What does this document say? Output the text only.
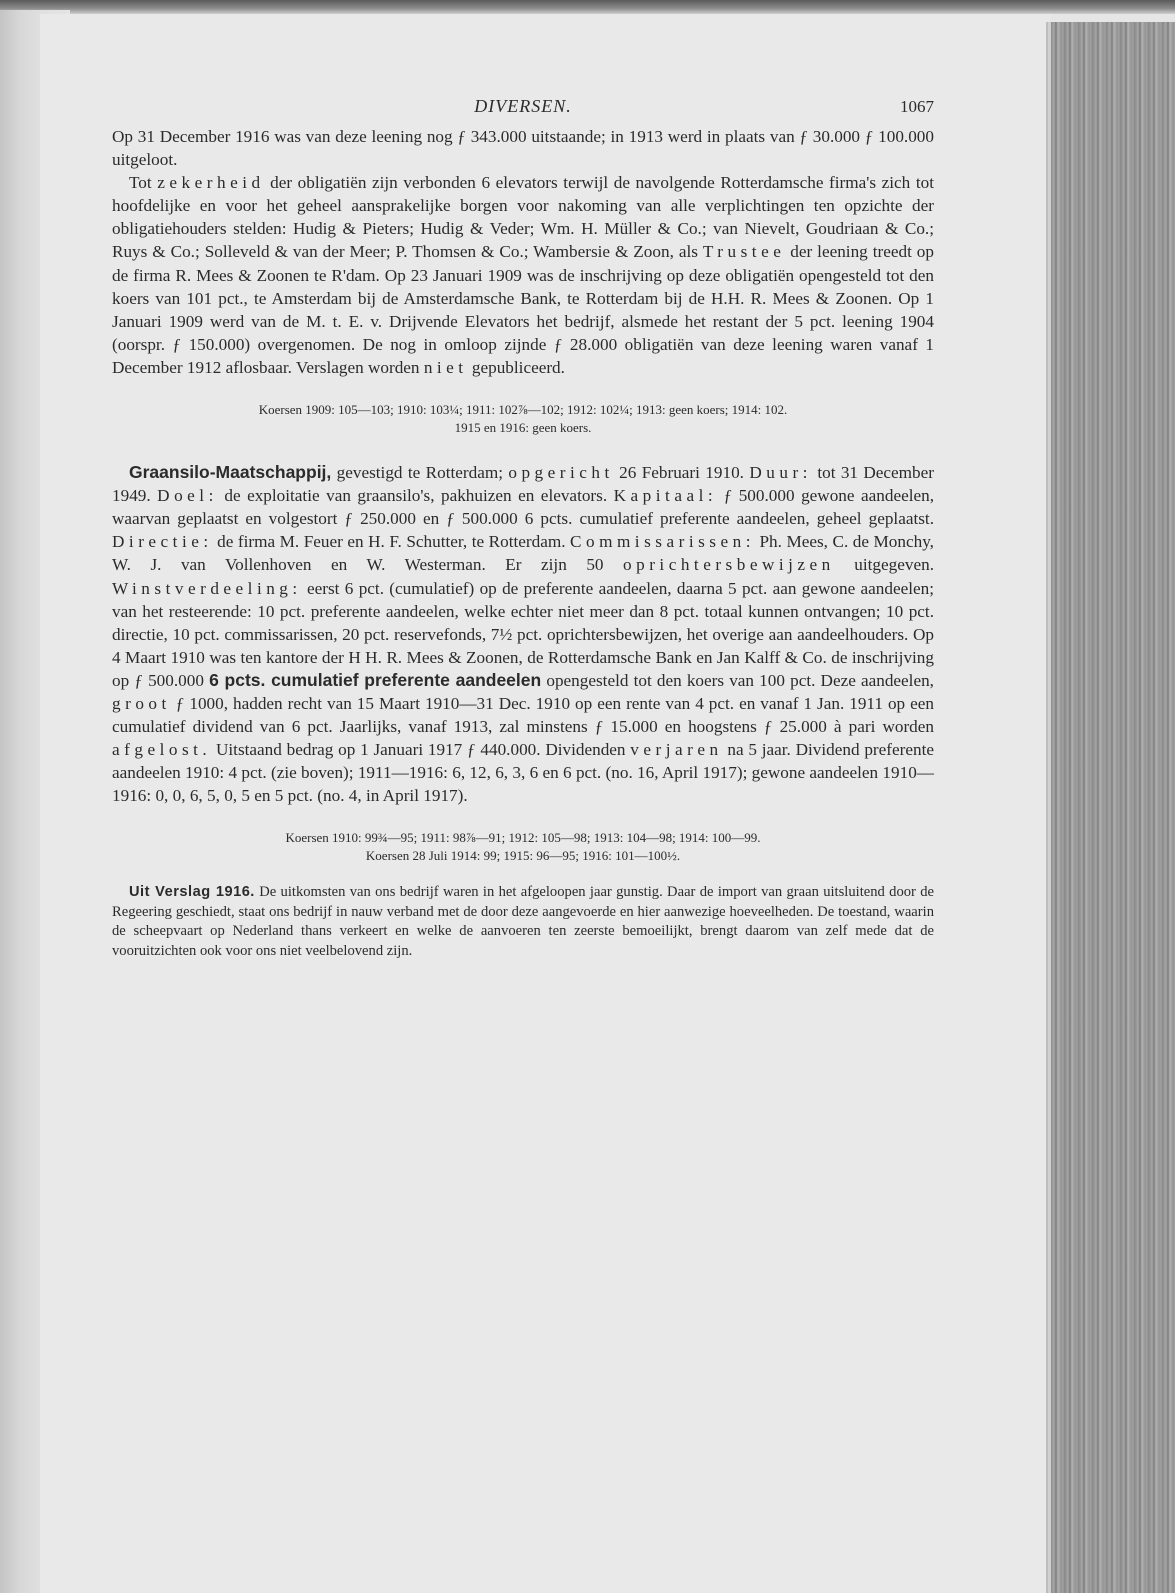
DIVERSEN.	1067

Op 31 December 1916 was van deze leening nog ƒ 343.000 uitstaande; in 1913 werd in plaats van ƒ 30.000 ƒ 100.000 uitgeloot.

Tot zekerheid der obligatiën zijn verbonden 6 elevators terwijl de navolgende Rotterdamsche firma's zich tot hoofdelijke en voor het geheel aansprakelijke borgen voor nakoming van alle verplichtingen ten opzichte der obligatiehouders stelden: Hudig & Pieters; Hudig & Veder; Wm. H. Müller & Co.; van Nievelt, Goudriaan & Co.; Ruys & Co.; Solleveld & van der Meer; P. Thomsen & Co.; Wambersie & Zoon, als Trustee der leening treedt op de firma R. Mees & Zoonen te R'dam. Op 23 Januari 1909 was de inschrijving op deze obligatiën opengesteld tot den koers van 101 pct., te Amsterdam bij de Amsterdamsche Bank, te Rotterdam bij de H.H. R. Mees & Zoonen. Op 1 Januari 1909 werd van de M. t. E. v. Drijvende Elevators het bedrijf, alsmede het restant der 5 pct. leening 1904 (oorspr. ƒ 150.000) overgenomen. De nog in omloop zijnde ƒ 28.000 obligatiën van deze leening waren vanaf 1 December 1912 aflosbaar. Verslagen worden niet gepubliceerd.

Koersen 1909: 105—103; 1910: 103¼; 1911: 102⅞—102; 1912: 102¼; 1913: geen koers; 1914: 102.
1915 en 1916: geen koers.

Graansilo-Maatschappij, gevestigd te Rotterdam; opgericht 26 Februari 1910. Duur: tot 31 December 1949. Doel: de exploitatie van graansilo's, pakhuizen en elevators. Kapitaal: ƒ 500.000 gewone aandeelen, waarvan geplaatst en volgestort ƒ 250.000 en ƒ 500.000 6 pcts. cumulatief preferente aandeelen, geheel geplaatst. Directie: de firma M. Feuer en H. F. Schutter, te Rotterdam. Commissarissen: Ph. Mees, C. de Monchy, W. J. van Vollenhoven en W. Westerman. Er zijn 50 oprichtersbewijzen uitgegeven. Winstverdeeling: eerst 6 pct. (cumulatief) op de preferente aandeelen, daarna 5 pct. aan gewone aandeelen; van het resteerende: 10 pct. preferente aandeelen, welke echter niet meer dan 8 pct. totaal kunnen ontvangen; 10 pct. directie, 10 pct. commissarissen, 20 pct. reservefonds, 7½ pct. oprichtersbewijzen, het overige aan aandeelhouders. Op 4 Maart 1910 was ten kantore der H H. R. Mees & Zoonen, de Rotterdamsche Bank en Jan Kalff & Co. de inschrijving op ƒ 500.000 6 pcts. cumulatief preferente aandeelen opengesteld tot den koers van 100 pct. Deze aandeelen, groot ƒ 1000, hadden recht van 15 Maart 1910—31 Dec. 1910 op een rente van 4 pct. en vanaf 1 Jan. 1911 op een cumulatief dividend van 6 pct. Jaarlijks, vanaf 1913, zal minstens ƒ 15.000 en hoogstens ƒ 25.000 à pari worden afgelost. Uitstaand bedrag op 1 Januari 1917 ƒ 440.000. Dividenden verjaren na 5 jaar. Dividend preferente aandeelen 1910: 4 pct. (zie boven); 1911—1916: 6, 12, 6, 3, 6 en 6 pct. (no. 16, April 1917); gewone aandeelen 1910—1916: 0, 0, 6, 5, 0, 5 en 5 pct. (no. 4, in April 1917).

Koersen 1910: 99¾—95; 1911: 98⅞—91; 1912: 105—98; 1913: 104—98; 1914: 100—99.
Koersen 28 Juli 1914: 99; 1915: 96—95; 1916: 101—100½.

Uit Verslag 1916. De uitkomsten van ons bedrijf waren in het afgeloopen jaar gunstig. Daar de import van graan uitsluitend door de Regeering geschiedt, staat ons bedrijf in nauw verband met de door deze aangevoerde en hier aanwezige hoeveelheden. De toestand, waarin de scheepvaart op Nederland thans verkeert en welke de aanvoeren ten zeerste bemoeilijkt, brengt daarom van zelf mede dat de vooruitzichten ook voor ons niet veelbelovend zijn.
